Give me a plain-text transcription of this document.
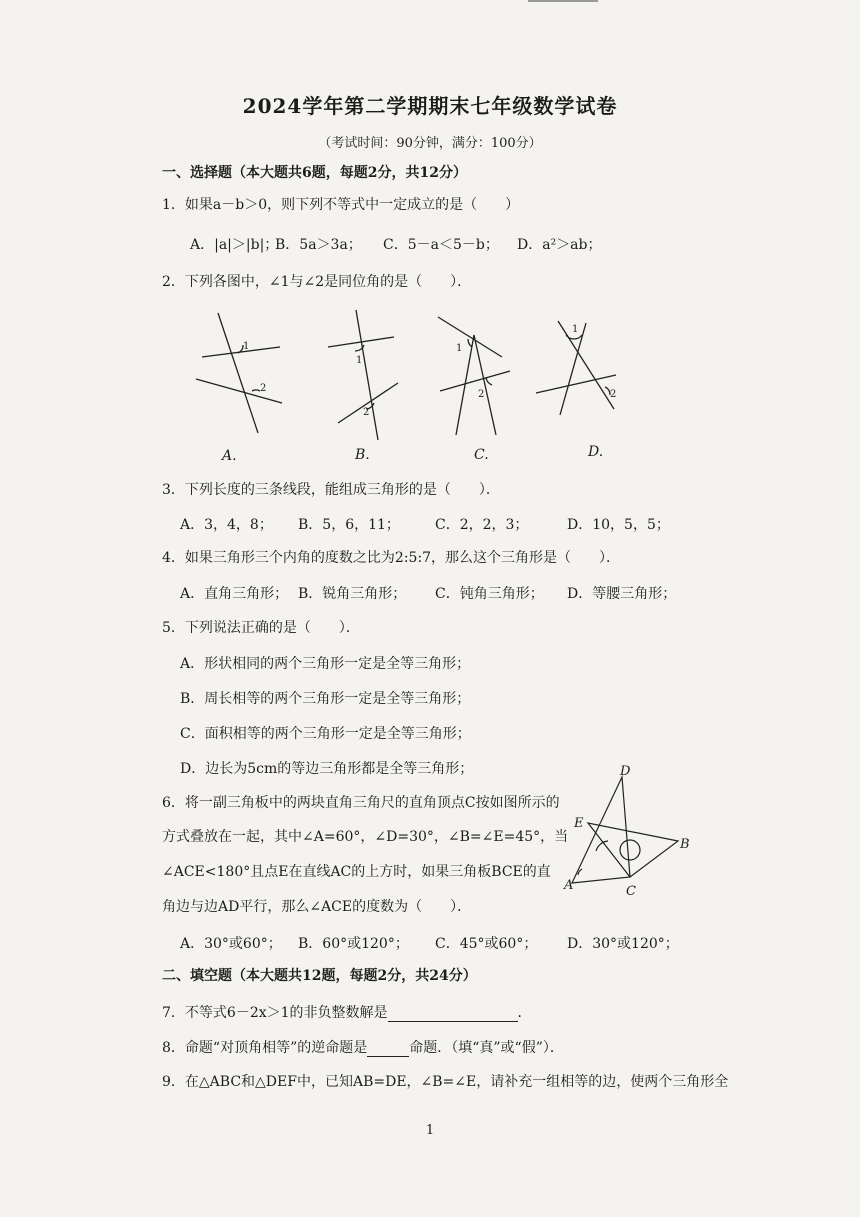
2024学年第二学期期末七年级数学试卷
（考试时间：90分钟，满分：100分）
一、选择题（本大题共6题，每题2分，共12分）
1．如果a－b＞0，则下列不等式中一定成立的是（　　）
A．|a|＞|b|；
B．5a＞3a； C．5－a＜5－b； D．a²＞ab；
2．下列各图中，∠1与∠2是同位角的是（　　）．
1
2
1
2
1
2
1
2
A.	B.	C.	D.
3．下列长度的三条线段，能组成三角形的是（　　）．
A．3，4，8； B．5，6，11；	C．2，2，3；	D．10，5，5；
4．如果三角形三个内角的度数之比为2:5:7，那么这个三角形是（　　）．
A．直角三角形； B．锐角三角形； C．钝角三角形； D．等腰三角形；
5．下列说法正确的是（　　）．
A．形状相同的两个三角形一定是全等三角形；
B．周长相等的两个三角形一定是全等三角形；
C．面积相等的两个三角形一定是全等三角形；
D．边长为5cm的等边三角形都是全等三角形；
6．将一副三角板中的两块直角三角尺的直角顶点C按如图所示的
方式叠放在一起，其中∠A=60°，∠D=30°，∠B=∠E=45°，当
∠ACE<180°且点E在直线AC的上方时，如果三角板BCE的直
角边与边AD平行，那么∠ACE的度数为（　　）．
D
E
B
A	C
A．30°或60°； B．60°或120°； C．45°或60°； D．30°或120°；
二、填空题（本大题共12题，每题2分，共24分）
7．不等式6－2x＞1的非负整数解是	．
8．命题“对顶角相等”的逆命题是	命题．（填“真”或“假”）．
9．在△ABC和△DEF中，已知AB=DE，∠B=∠E，请补充一组相等的边，使两个三角形全
1
